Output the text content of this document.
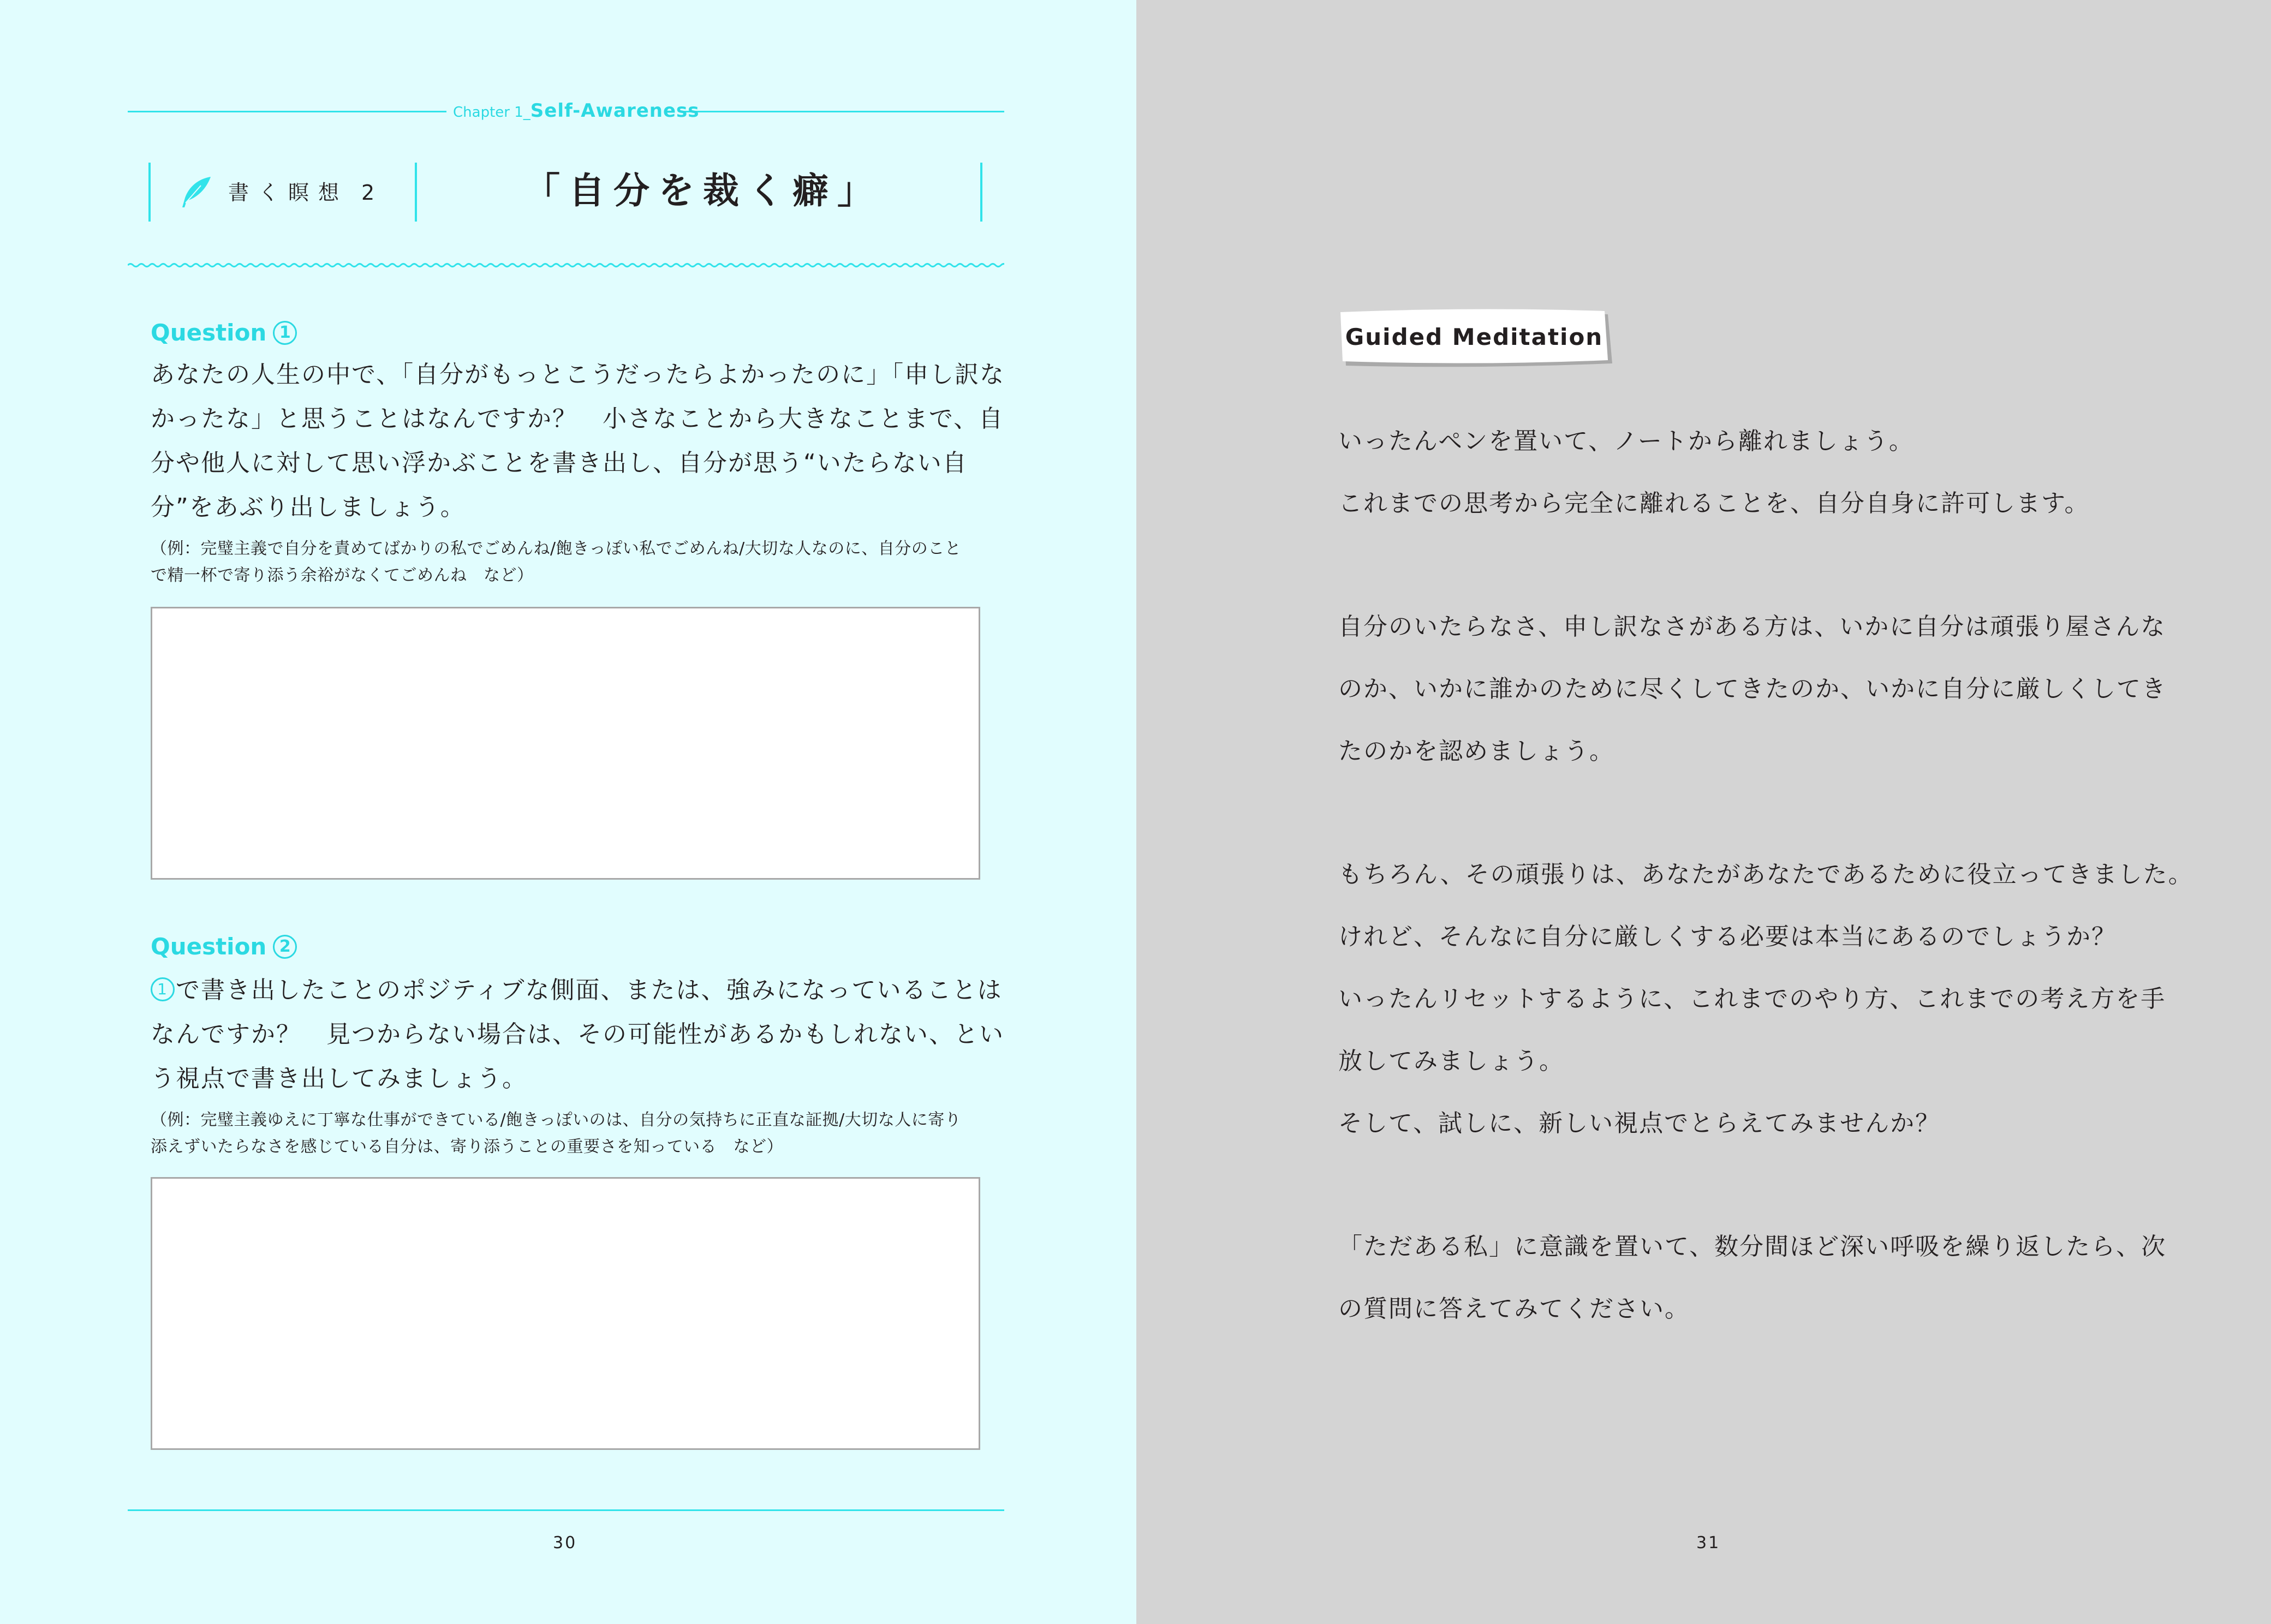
Chapter 1_Self-Awareness
書く瞑想 2	「自分を裁く癖」
Question 1
あなたの人生の中で、「自分がもっとこうだったらよかったのに」「申し訳な
かったな」と思うことはなんですか？　小さなことから大きなことまで、自
分や他人に対して思い浮かぶことを書き出し、自分が思う“いたらない自
分”をあぶり出しましょう。
（例：完璧主義で自分を責めてばかりの私でごめんね/飽きっぽい私でごめんね/大切な人なのに、自分のこと
で精一杯で寄り添う余裕がなくてごめんね　など）
Question 2
1 で書き出したことのポジティブな側面、または、強みになっていることは
なんですか？　見つからない場合は、その可能性があるかもしれない、とい
う視点で書き出してみましょう。
（例：完璧主義ゆえに丁寧な仕事ができている/飽きっぽいのは、自分の気持ちに正直な証拠/大切な人に寄り
添えずいたらなさを感じている自分は、寄り添うことの重要さを知っている　など）
30
Guided Meditation
いったんペンを置いて、ノートから離れましょう。
これまでの思考から完全に離れることを、自分自身に許可します。
自分のいたらなさ、申し訳なさがある方は、いかに自分は頑張り屋さんな
のか、いかに誰かのために尽くしてきたのか、いかに自分に厳しくしてき
たのかを認めましょう。
もちろん、その頑張りは、あなたがあなたであるために役立ってきました。
けれど、そんなに自分に厳しくする必要は本当にあるのでしょうか？
いったんリセットするように、これまでのやり方、これまでの考え方を手
放してみましょう。
そして、試しに、新しい視点でとらえてみませんか？
「ただある私」に意識を置いて、数分間ほど深い呼吸を繰り返したら、次
の質問に答えてみてください。
31
